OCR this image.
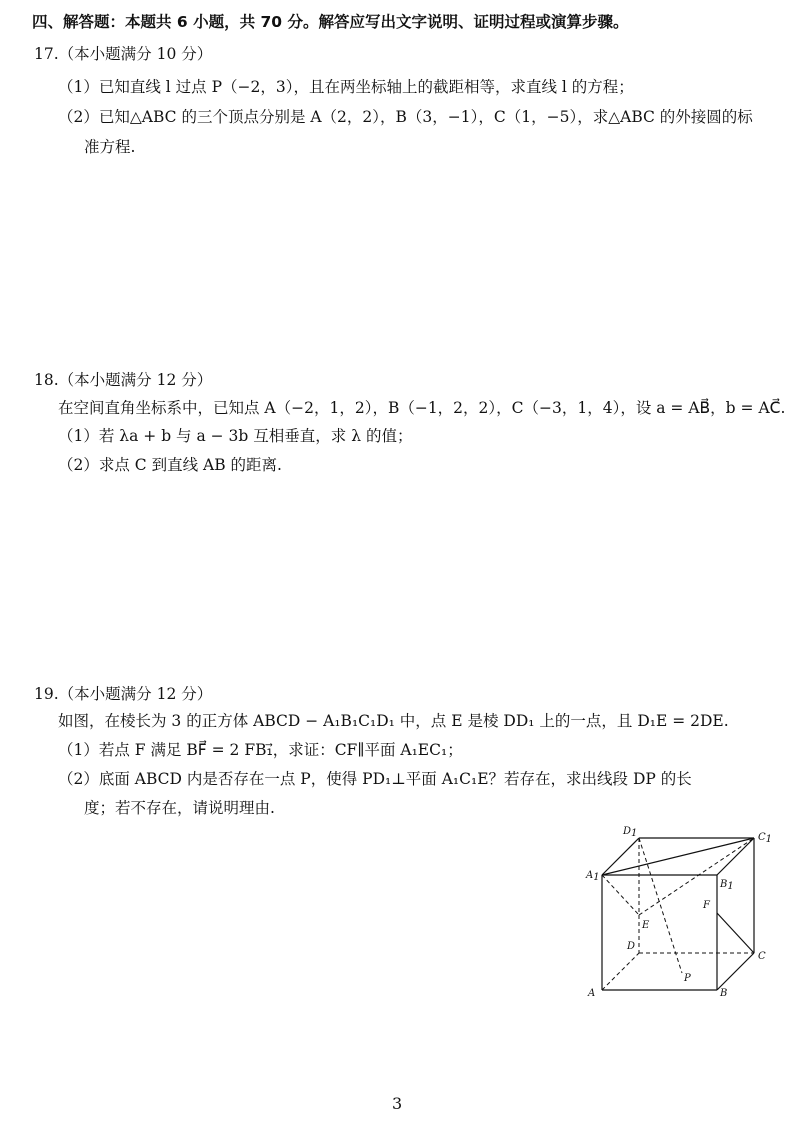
四、解答题：本题共 6 小题，共 70 分。解答应写出文字说明、证明过程或演算步骤。
17.（本小题满分 10 分）
（1）已知直线 l 过点 P（−2，3），且在两坐标轴上的截距相等，求直线 l 的方程；
（2）已知△ABC 的三个顶点分别是 A（2，2），B（3，−1），C（1，−5），求△ABC 的外接圆的标
准方程.
18.（本小题满分 12 分）
在空间直角坐标系中，已知点 A（−2，1，2），B（−1，2，2），C（−3，1，4），设 a = AB⃗，b = AC⃗.
（1）若 λa + b 与 a − 3b 互相垂直，求 λ 的值；
（2）求点 C 到直线 AB 的距离.
19.（本小题满分 12 分）
如图，在棱长为 3 的正方体 ABCD − A₁B₁C₁D₁ 中，点 E 是棱 DD₁ 上的一点，且 D₁E = 2DE.
（1）若点 F 满足 BF⃗ = 2 FB₁⃗，求证：CF∥平面 A₁EC₁；
（2）底面 ABCD 内是否存在一点 P，使得 PD₁⊥平面 A₁C₁E？若存在，求出线段 DP 的长
度；若不存在，请说明理由.
D1	C1
A1
B1
F
E
D
C
P
A	B
3
